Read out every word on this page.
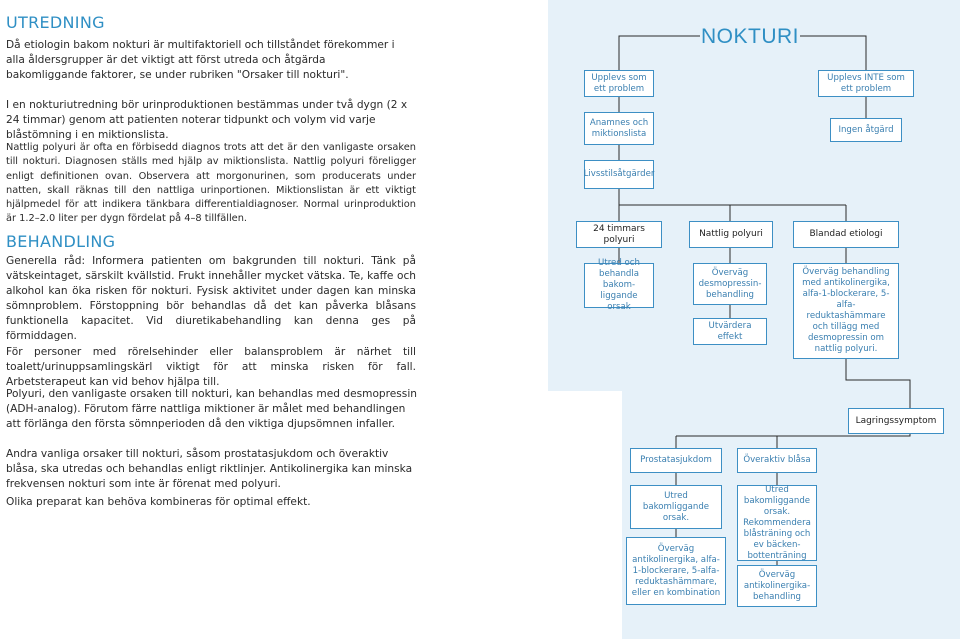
UTREDNING

Då etiologin bakom nokturi är multifaktoriell och tillståndet förekommer i alla åldersgrupper är det viktigt att först utreda och åtgärda bakomliggande faktorer, se under rubriken "Orsaker till nokturi".

I en nokturiutredning bör urinproduktionen bestämmas under två dygn (2 x 24 timmar) genom att patienten noterar tidpunkt och volym vid varje blåstömning i en miktionslista.

Nattlig polyuri är ofta en förbisedd diagnos trots att det är den vanligaste orsaken till nokturi. Diagnosen ställs med hjälp av miktionslista. Nattlig polyuri föreligger enligt definitionen ovan. Observera att morgonurinen, som producerats under natten, skall räknas till den nattliga urinportionen. Miktionslistan är ett viktigt hjälpmedel för att indikera tänkbara differentialdiagnoser. Normal urinproduktion är 1.2–2.0 liter per dygn fördelat på 4–8 tillfällen.

BEHANDLING

Generella råd: Informera patienten om bakgrunden till nokturi. Tänk på vätskeintaget, särskilt kvällstid. Frukt innehåller mycket vätska. Te, kaffe och alkohol kan öka risken för nokturi. Fysisk aktivitet under dagen kan minska sömnproblem. Förstoppning bör behandlas då det kan påverka blåsans funktionella kapacitet. Vid diuretikabehandling kan denna ges på förmiddagen.

För personer med rörelsehinder eller balansproblem är närhet till toalett/urinuppsamlingskärl viktigt för att minska risken för fall. Arbetsterapeut kan vid behov hjälpa till.

Polyuri, den vanligaste orsaken till nokturi, kan behandlas med desmopressin (ADH-analog). Förutom färre nattliga miktioner är målet med behandlingen att förlänga den första sömnperioden då den viktiga djupsömnen infaller.

Andra vanliga orsaker till nokturi, såsom prostatasjukdom och överaktiv blåsa, ska utredas och behandlas enligt riktlinjer. Antikolinergika kan minska frekvensen nokturi som inte är förenat med polyuri.

Olika preparat kan behöva kombineras för optimal effekt.

NOKTURI
Upplevs som ett problem
Upplevs INTE som ett problem
Anamnes och miktionslista	Ingen åtgärd
Livsstilsåtgärder
24 timmars polyuri
Nattlig polyuri	Blandad etiologi
Utred och behandla bakomliggande orsak
Överväg desmopressinbehandling
Utvärdera effekt
Överväg behandling med antikolinergika, alfa-1-blockerare, 5-alfa-reduktashämmare och tillägg med desmopressin om nattlig polyuri.
Lagringssymptom
Prostatasjukdom	Överaktiv blåsa
Utred bakomliggande orsak.
Utred bakomliggande orsak. Rekommendera blåsträning och ev bäckenbottenträning
Överväg antikolinergika, alfa-1-blockerare, 5-alfa-reduktashämmare, eller en kombination
Överväg antikolinergikabehandling
